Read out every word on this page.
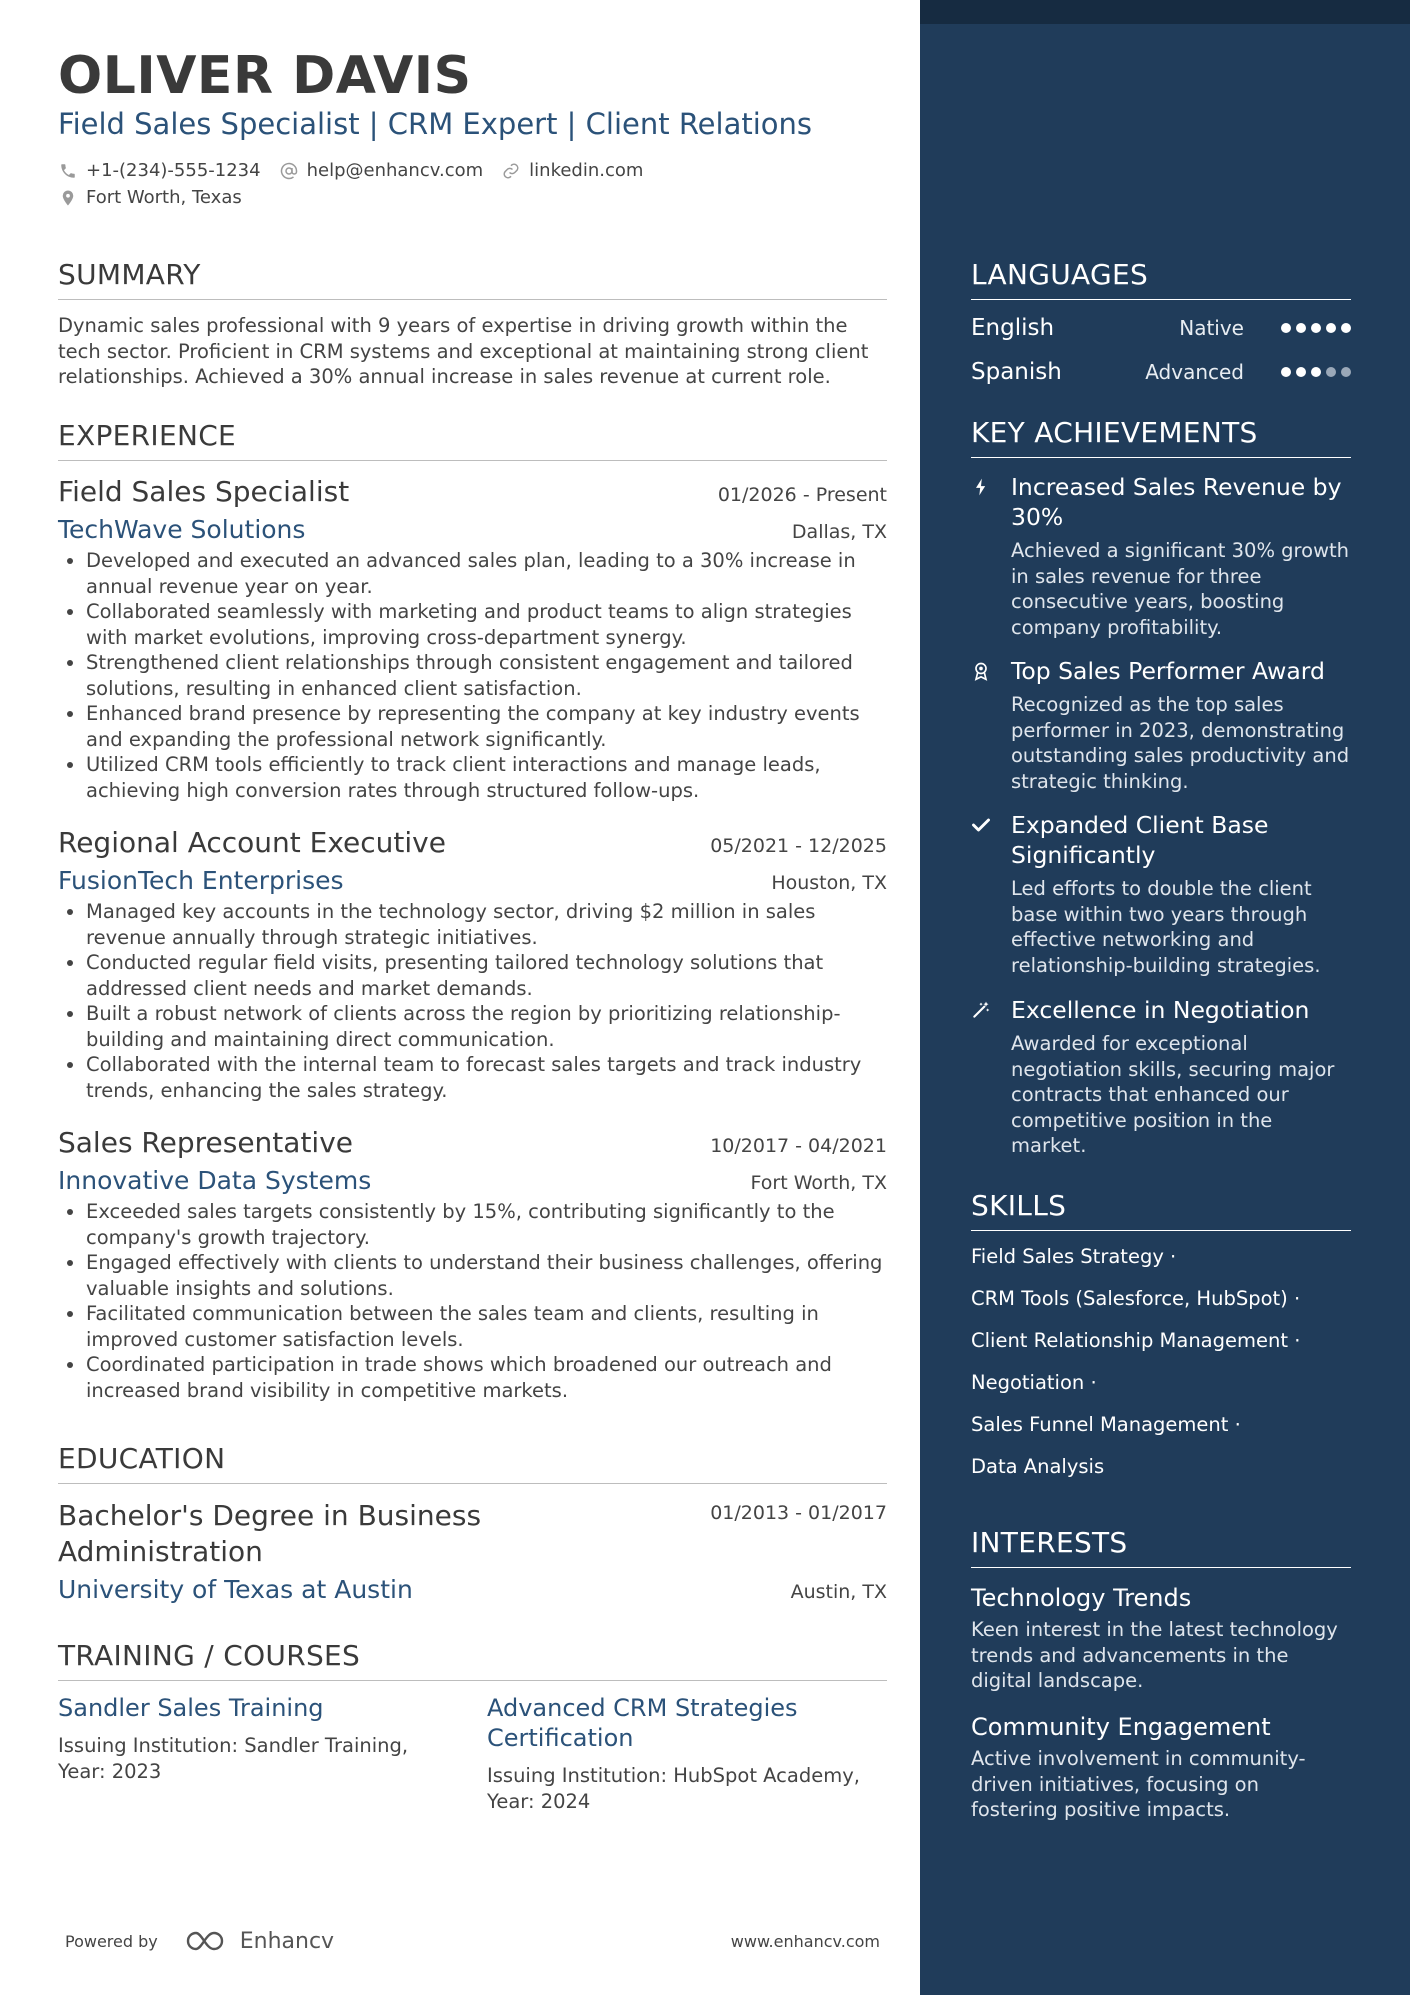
OLIVER DAVIS
Field Sales Specialist | CRM Expert | Client Relations
+1-(234)-555-1234	help@enhancv.com	linkedin.com
Fort Worth, Texas
SUMMARY
Dynamic sales professional with 9 years of expertise in driving growth within the tech sector. Proficient in CRM systems and exceptional at maintaining strong client relationships. Achieved a 30% annual increase in sales revenue at current role.
EXPERIENCE
Field Sales Specialist	01/2026 - Present
TechWave Solutions	Dallas, TX
• Developed and executed an advanced sales plan, leading to a 30% increase in annual revenue year on year.
• Collaborated seamlessly with marketing and product teams to align strategies with market evolutions, improving cross-department synergy.
• Strengthened client relationships through consistent engagement and tailored solutions, resulting in enhanced client satisfaction.
• Enhanced brand presence by representing the company at key industry events and expanding the professional network significantly.
• Utilized CRM tools efficiently to track client interactions and manage leads, achieving high conversion rates through structured follow-ups.
Regional Account Executive	05/2021 - 12/2025
FusionTech Enterprises	Houston, TX
• Managed key accounts in the technology sector, driving $2 million in sales revenue annually through strategic initiatives.
• Conducted regular field visits, presenting tailored technology solutions that addressed client needs and market demands.
• Built a robust network of clients across the region by prioritizing relationship-building and maintaining direct communication.
• Collaborated with the internal team to forecast sales targets and track industry trends, enhancing the sales strategy.
Sales Representative	10/2017 - 04/2021
Innovative Data Systems	Fort Worth, TX
• Exceeded sales targets consistently by 15%, contributing significantly to the company's growth trajectory.
• Engaged effectively with clients to understand their business challenges, offering valuable insights and solutions.
• Facilitated communication between the sales team and clients, resulting in improved customer satisfaction levels.
• Coordinated participation in trade shows which broadened our outreach and increased brand visibility in competitive markets.
EDUCATION
Bachelor's Degree in Business Administration
01/2013 - 01/2017
University of Texas at Austin	Austin, TX
TRAINING / COURSES
Sandler Sales Training
Issuing Institution: Sandler Training, Year: 2023
Advanced CRM Strategies Certification
Issuing Institution: HubSpot Academy, Year: 2024
Powered by	Enhancv	www.enhancv.com
LANGUAGES
English	Native
Spanish	Advanced
KEY ACHIEVEMENTS
Increased Sales Revenue by 30%
Achieved a significant 30% growth in sales revenue for three consecutive years, boosting company profitability.
Top Sales Performer Award
Recognized as the top sales performer in 2023, demonstrating outstanding sales productivity and strategic thinking.
Expanded Client Base Significantly
Led efforts to double the client base within two years through effective networking and relationship-building strategies.
Excellence in Negotiation
Awarded for exceptional negotiation skills, securing major contracts that enhanced our competitive position in the market.
SKILLS
Field Sales Strategy ·
CRM Tools (Salesforce, HubSpot) ·
Client Relationship Management ·
Negotiation ·
Sales Funnel Management ·
Data Analysis
INTERESTS
Technology Trends
Keen interest in the latest technology trends and advancements in the digital landscape.
Community Engagement
Active involvement in community-driven initiatives, focusing on fostering positive impacts.
